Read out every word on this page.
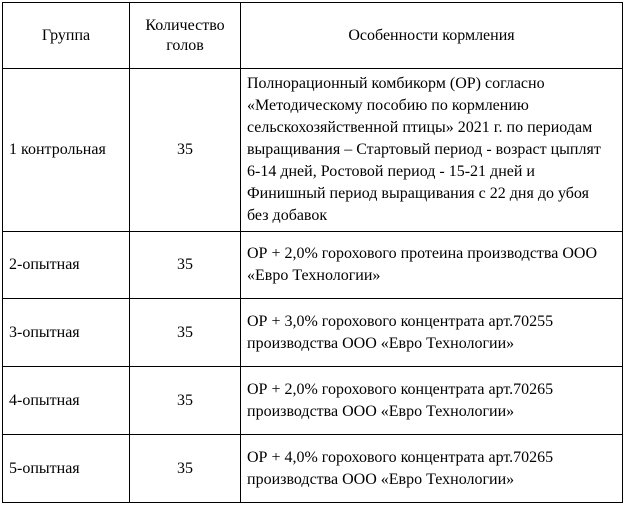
Группа	Количество голов	Особенности кормления
1 контрольная	35	Полнорационный комбикорм (ОР) согласно «Методическому пособию по кормлению сельскохозяйственной птицы» 2021 г. по периодам выращивания – Стартовый период - возраст цыплят 6-14 дней, Ростовой период - 15-21 дней и Финишный период выращивания с 22 дня до убоя без добавок
2-опытная	35	ОР + 2,0% горохового протеина производства ООО «Евро Технологии»
3-опытная	35	ОР + 3,0% горохового концентрата арт.70255 производства ООО «Евро Технологии»
4-опытная	35	ОР + 2,0% горохового концентрата арт.70265 производства ООО «Евро Технологии»
5-опытная	35	ОР + 4,0% горохового концентрата арт.70265 производства ООО «Евро Технологии»
